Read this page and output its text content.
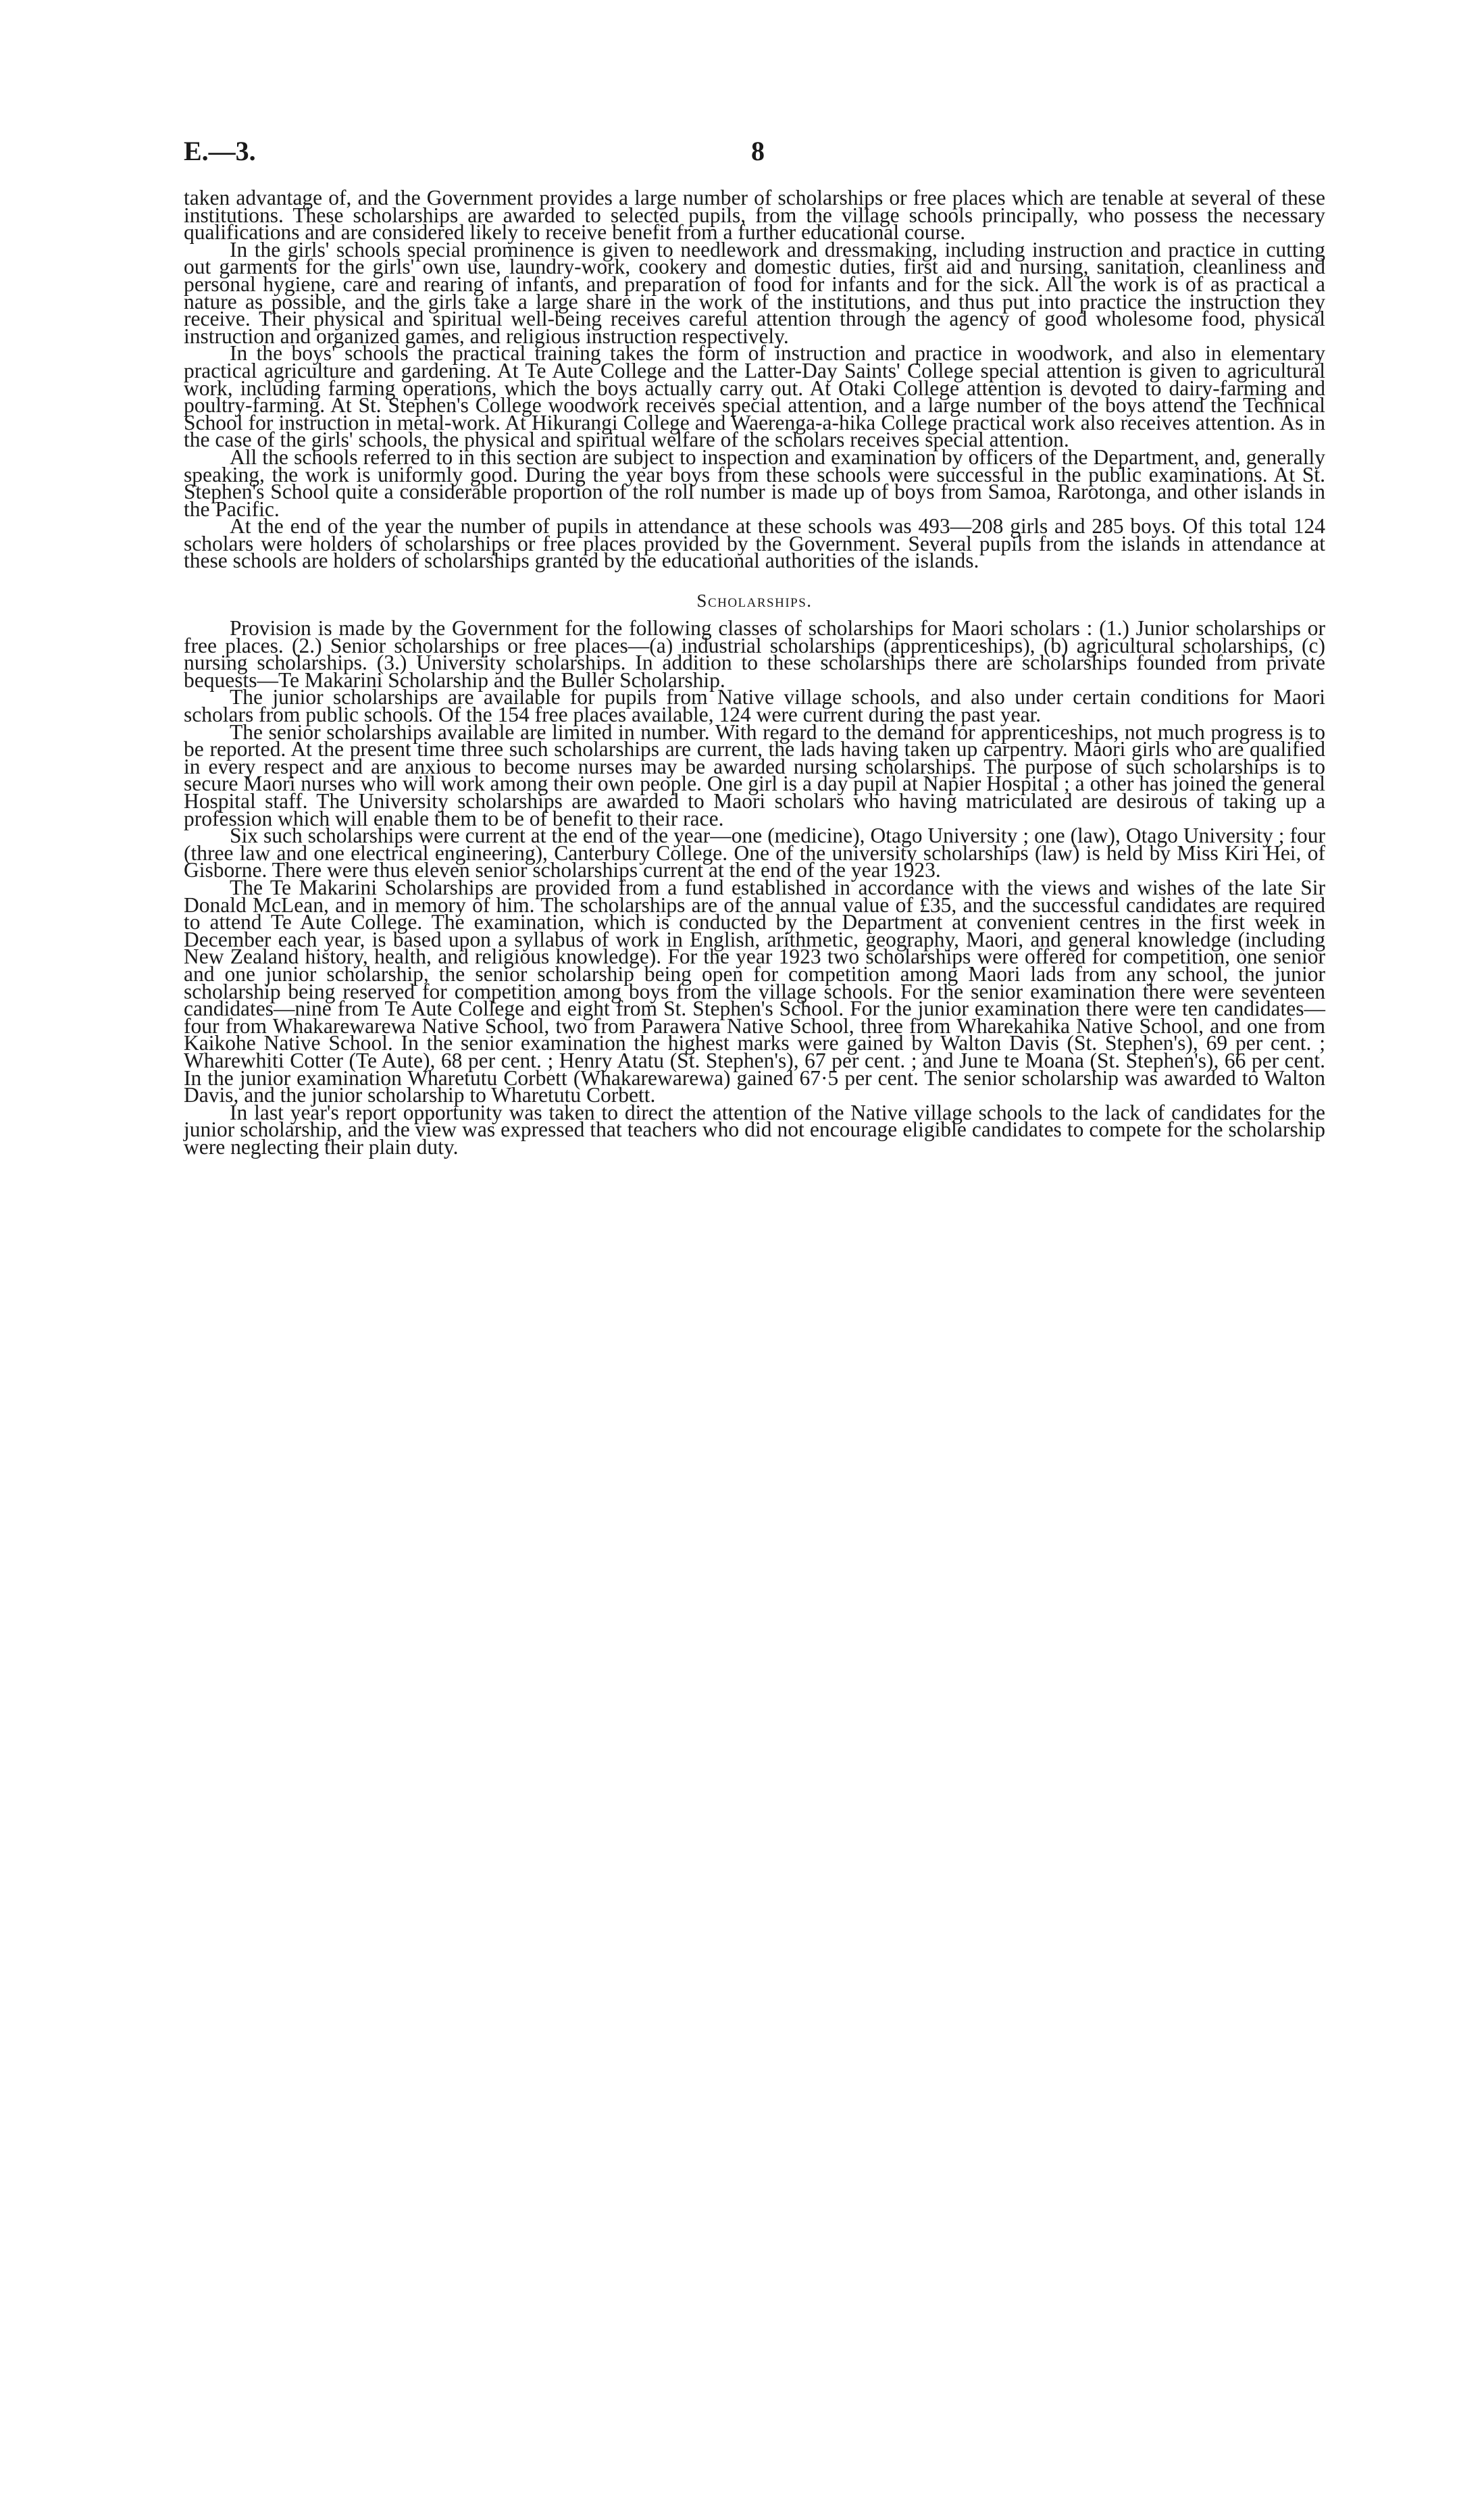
E.—3.	8

taken advantage of, and the Government provides a large number of scholarships or free places which are tenable at several of these institutions. These scholarships are awarded to selected pupils, from the village schools principally, who possess the necessary qualifications and are considered likely to receive benefit from a further educational course.

In the girls' schools special prominence is given to needlework and dressmaking, including instruction and practice in cutting out garments for the girls' own use, laundry-work, cookery and domestic duties, first aid and nursing, sanitation, cleanliness and personal hygiene, care and rearing of infants, and preparation of food for infants and for the sick. All the work is of as practical a nature as possible, and the girls take a large share in the work of the institutions, and thus put into practice the instruction they receive. Their physical and spiritual well-being receives careful attention through the agency of good wholesome food, physical instruction and organized games, and religious instruction respectively.

In the boys' schools the practical training takes the form of instruction and practice in woodwork, and also in elementary practical agriculture and gardening. At Te Aute College and the Latter-Day Saints' College special attention is given to agricultural work, including farming operations, which the boys actually carry out. At Otaki College attention is devoted to dairy-farming and poultry-farming. At St. Stephen's College woodwork receives special attention, and a large number of the boys attend the Technical School for instruction in metal-work. At Hikurangi College and Waerenga-a-hika College practical work also receives attention. As in the case of the girls' schools, the physical and spiritual welfare of the scholars receives special attention.

All the schools referred to in this section are subject to inspection and examination by officers of the Department, and, generally speaking, the work is uniformly good. During the year boys from these schools were successful in the public examinations. At St. Stephen's School quite a considerable proportion of the roll number is made up of boys from Samoa, Rarotonga, and other islands in the Pacific.

At the end of the year the number of pupils in attendance at these schools was 493—208 girls and 285 boys. Of this total 124 scholars were holders of scholarships or free places provided by the Government. Several pupils from the islands in attendance at these schools are holders of scholarships granted by the educational authorities of the islands.

Scholarships.

Provision is made by the Government for the following classes of scholarships for Maori scholars : (1.) Junior scholarships or free places. (2.) Senior scholarships or free places—(a) industrial scholarships (apprenticeships), (b) agricultural scholarships, (c) nursing scholarships. (3.) University scholarships. In addition to these scholarships there are scholarships founded from private bequests—Te Makarini Scholarship and the Buller Scholarship.

The junior scholarships are available for pupils from Native village schools, and also under certain conditions for Maori scholars from public schools. Of the 154 free places available, 124 were current during the past year.

The senior scholarships available are limited in number. With regard to the demand for apprenticeships, not much progress is to be reported. At the present time three such scholarships are current, the lads having taken up carpentry. Maori girls who are qualified in every respect and are anxious to become nurses may be awarded nursing scholarships. The purpose of such scholarships is to secure Maori nurses who will work among their own people. One girl is a day pupil at Napier Hospital ; a other has joined the general Hospital staff. The University scholarships are awarded to Maori scholars who having matriculated are desirous of taking up a profession which will enable them to be of benefit to their race.

Six such scholarships were current at the end of the year—one (medicine), Otago University ; one (law), Otago University ; four (three law and one electrical engineering), Canterbury College. One of the university scholarships (law) is held by Miss Kiri Hei, of Gisborne. There were thus eleven senior scholarships current at the end of the year 1923.

The Te Makarini Scholarships are provided from a fund established in accordance with the views and wishes of the late Sir Donald McLean, and in memory of him. The scholarships are of the annual value of £35, and the successful candidates are required to attend Te Aute College. The examination, which is conducted by the Department at convenient centres in the first week in December each year, is based upon a syllabus of work in English, arithmetic, geography, Maori, and general knowledge (including New Zealand history, health, and religious knowledge). For the year 1923 two scholarships were offered for competition, one senior and one junior scholarship, the senior scholarship being open for competition among Maori lads from any school, the junior scholarship being reserved for competition among boys from the village schools. For the senior examination there were seventeen candidates—nine from Te Aute College and eight from St. Stephen's School. For the junior examination there were ten candidates—four from Whakarewarewa Native School, two from Parawera Native School, three from Wharekahika Native School, and one from Kaikohe Native School. In the senior examination the highest marks were gained by Walton Davis (St. Stephen's), 69 per cent. ; Wharewhiti Cotter (Te Aute), 68 per cent. ; Henry Atatu (St. Stephen's), 67 per cent. ; and June te Moana (St. Stephen's), 66 per cent. In the junior examination Wharetutu Corbett (Whakarewarewa) gained 67·5 per cent. The senior scholarship was awarded to Walton Davis, and the junior scholarship to Wharetutu Corbett.

In last year's report opportunity was taken to direct the attention of the Native village schools to the lack of candidates for the junior scholarship, and the view was expressed that teachers who did not encourage eligible candidates to compete for the scholarship were neglecting their plain duty.
